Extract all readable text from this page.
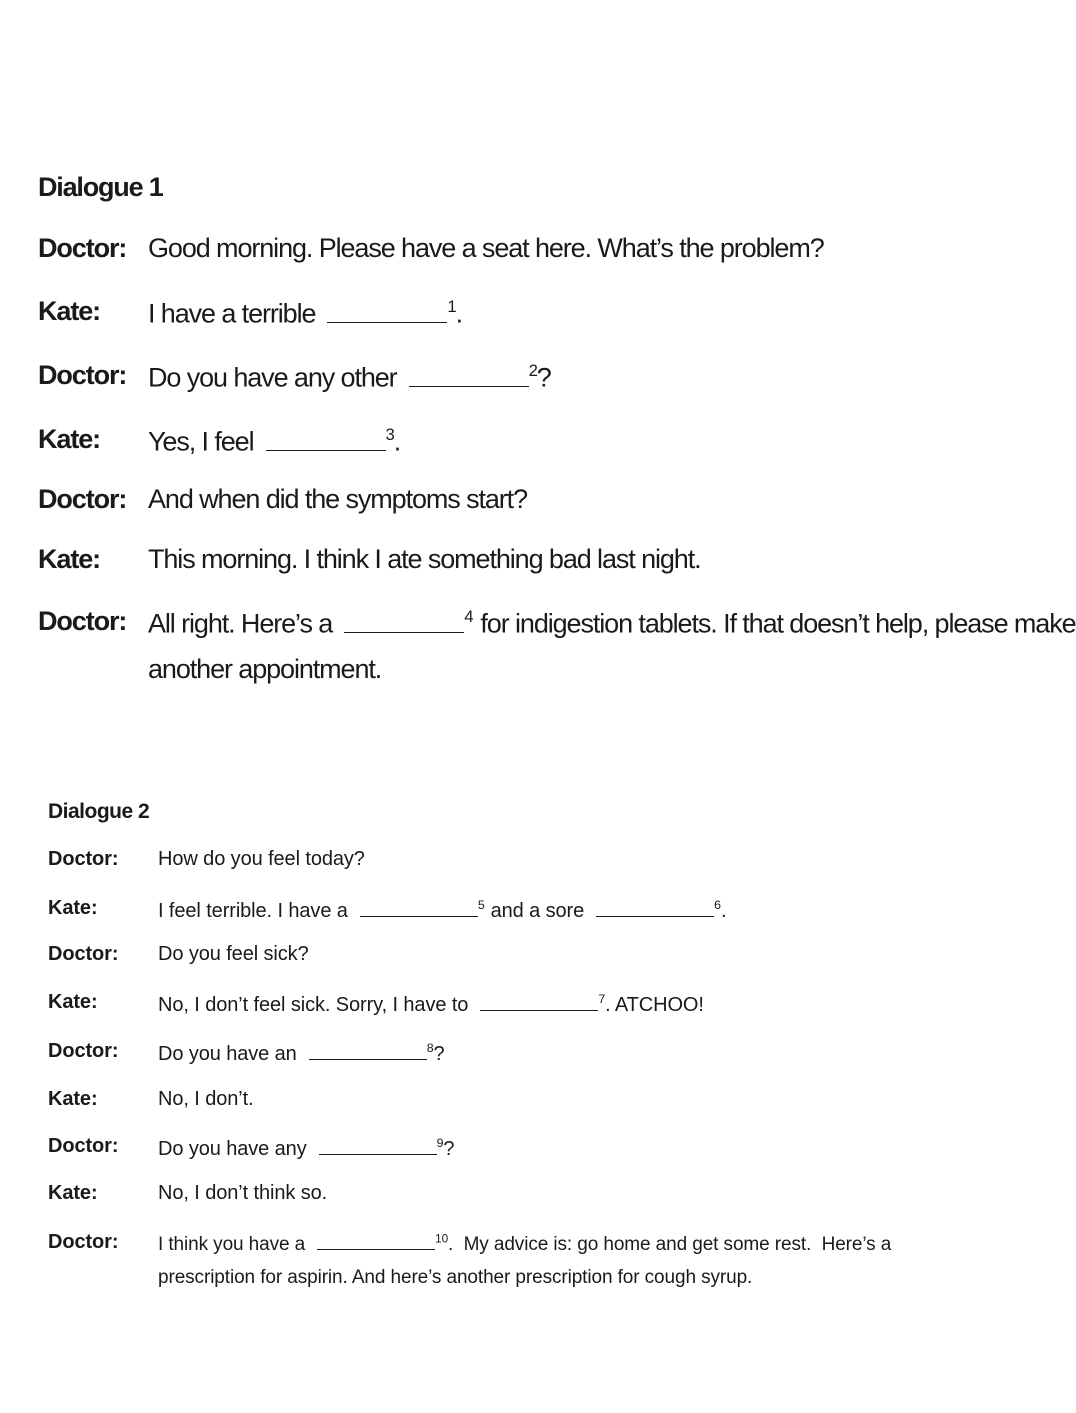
Dialogue 1
Doctor: Good morning. Please have a seat here. What’s the problem?
Kate: I have a terrible	$^1$.
Doctor: Do you have any other	$^2$?
Kate: Yes, I feel	$^3$.
Doctor: And when did the symptoms start?
Kate: This morning. I think I ate something bad last night.
Doctor: All right. Here’s a	$^4$ for indigestion tablets. If that doesn’t help, please make
another appointment.
Dialogue 2
Doctor: How do you feel today?
Kate:	I feel terrible. I have a	$^5$ and a sore	$^6$.
Doctor: Do you feel sick?
Kate:	No, I don’t feel sick. Sorry, I have to	$^7$. ATCHOO!
Doctor: Do you have an	$^8$?
Kate:	No, I don’t.
Doctor: Do you have any	$^9$?
Kate:	No, I don’t think so.
Doctor: I think you have a	$^{10}$.  My advice is: go home and get some rest.  Here’s a
prescription for aspirin. And here’s another prescription for cough syrup.
